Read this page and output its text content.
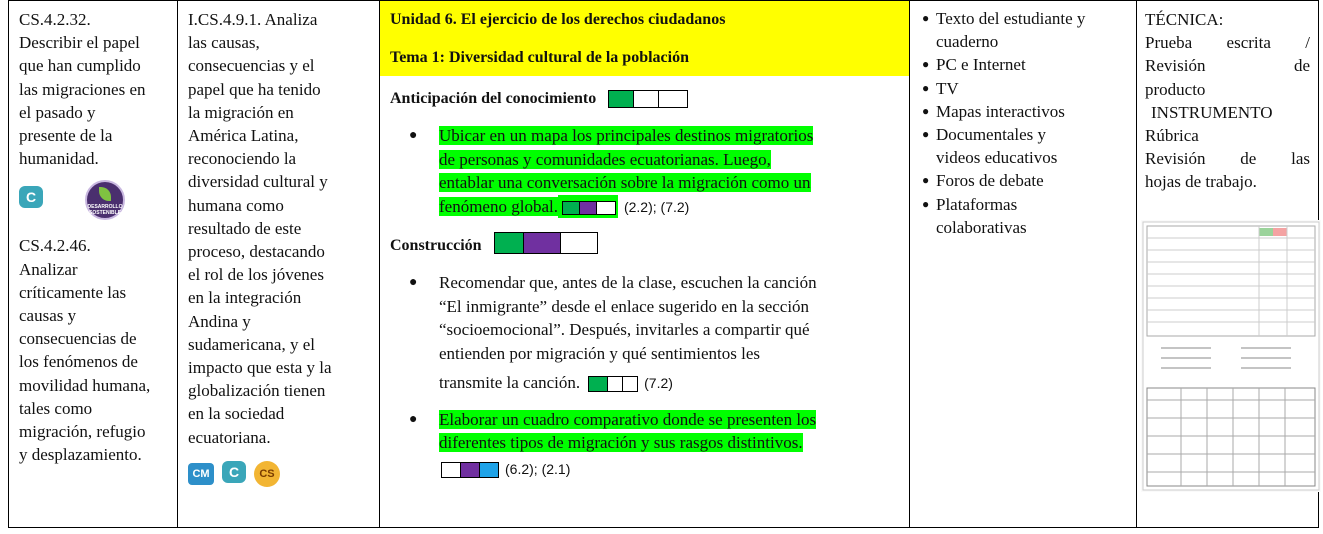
CS.4.2.32.
Describir el papel
que han cumplido
las migraciones en
el pasado y
presente de la
humanidad.
C
DESARROLLO SOSTENIBLE
CS.4.2.46.
Analizar
críticamente las
causas y
consecuencias de
los fenómenos de
movilidad humana,
tales como
migración, refugio
y desplazamiento.

I.CS.4.9.1. Analiza
las causas,
consecuencias y el
papel que ha tenido
la migración en
América Latina,
reconociendo la
diversidad cultural y
humana como
resultado de este
proceso, destacando
el rol de los jóvenes
en la integración
Andina y
sudamericana, y el
impacto que esta y la
globalización tienen
en la sociedad
ecuatoriana.
CM	C	CS

Unidad 6. El ejercicio de los derechos ciudadanos
Tema 1: Diversidad cultural de la población
Anticipación del conocimiento
● Ubicar en un mapa los principales destinos migratorios
de personas y comunidades ecuatorianas. Luego,
entablar una conversación sobre la migración como un
fenómeno global.	(2.2); (7.2)
Construcción
● Recomendar que, antes de la clase, escuchen la canción
“El inmigrante” desde el enlace sugerido en la sección
“socioemocional”. Después, invitarles a compartir qué
entienden por migración y qué sentimientos les
transmite la canción.	(7.2)
● Elaborar un cuadro comparativo donde se presenten los
diferentes tipos de migración y sus rasgos distintivos.
(6.2); (2.1)

● Texto del estudiante y
cuaderno
● PC e Internet
● TV
● Mapas interactivos
● Documentales y
videos educativos
● Foros de debate
● Plataformas
colaborativas

TÉCNICA:
Prueba escrita /
Revisión de
producto
INSTRUMENTO
Rúbrica
Revisión de las
hojas de trabajo.
